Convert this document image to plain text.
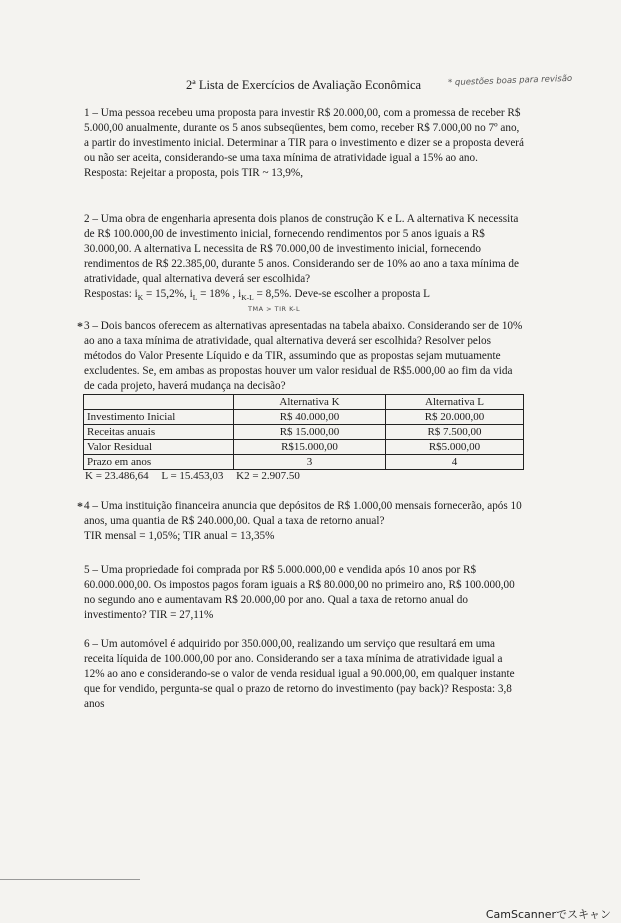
2ª Lista de Exercícios de Avaliação Econômica	* questões boas para revisão

1 – Uma pessoa recebeu uma proposta para investir R$ 20.000,00, com a promessa de receber R$ 5.000,00 anualmente, durante os 5 anos subseqüentes, bem como, receber R$ 7.000,00 no 7º ano, a partir do investimento inicial. Determinar a TIR para o investimento e dizer se a proposta deverá ou não ser aceita, considerando-se uma taxa mínima de atratividade igual a 15% ao ano.

Resposta: Rejeitar a proposta, pois TIR ~ 13,9%,

2 – Uma obra de engenharia apresenta dois planos de construção K e L. A alternativa K necessita de R$ 100.000,00 de investimento inicial, fornecendo rendimentos por 5 anos iguais a R$ 30.000,00. A alternativa L necessita de R$ 70.000,00 de investimento inicial, fornecendo rendimentos de R$ 22.385,00, durante 5 anos. Considerando ser de 10% ao ano a taxa mínima de atratividade, qual alternativa deverá ser escolhida?

Respostas: $i_K = 15,2\%$, $i_L = 18\%$ , $i_{K-L} = 8,5\%$. Deve-se escolher a proposta L

TMA > TIR K-L
* 3 – Dois bancos oferecem as alternativas apresentadas na tabela abaixo. Considerando ser de 10% ao ano a taxa mínima de atratividade, qual alternativa deverá ser escolhida? Resolver pelos métodos do Valor Presente Líquido e da TIR, assumindo que as propostas sejam mutuamente excludentes. Se, em ambas as propostas houver um valor residual de R$5.000,00 ao fim da vida de cada projeto, haverá mudança na decisão?

	Alternativa K	Alternativa L
Investimento Inicial	R$ 40.000,00	R$ 20.000,00
Receitas anuais	R$ 15.000,00	R$ 7.500,00
Valor Residual	R$15.000,00	R$5.000,00
Prazo em anos	3	4
K = 23.486,64 L = 15.453,03 K2 = 2.907.50
* 4 – Uma instituição financeira anuncia que depósitos de R$ 1.000,00 mensais fornecerão, após 10 anos, uma quantia de R$ 240.000,00. Qual a taxa de retorno anual?

TIR mensal = 1,05%; TIR anual = 13,35%

5 – Uma propriedade foi comprada por R$ 5.000.000,00 e vendida após 10 anos por R$ 60.000.000,00. Os impostos pagos foram iguais a R$ 80.000,00 no primeiro ano, R$ 100.000,00 no segundo ano e aumentavam R$ 20.000,00 por ano. Qual a taxa de retorno anual do investimento? TIR = 27,11%

6 – Um automóvel é adquirido por 350.000,00, realizando um serviço que resultará em uma receita líquida de 100.000,00 por ano. Considerando ser a taxa mínima de atratividade igual a 12% ao ano e considerando-se o valor de venda residual igual a 90.000,00, em qualquer instante que for vendido, pergunta-se qual o prazo de retorno do investimento (pay back)? Resposta: 3,8 anos

CamScannerでスキャン
